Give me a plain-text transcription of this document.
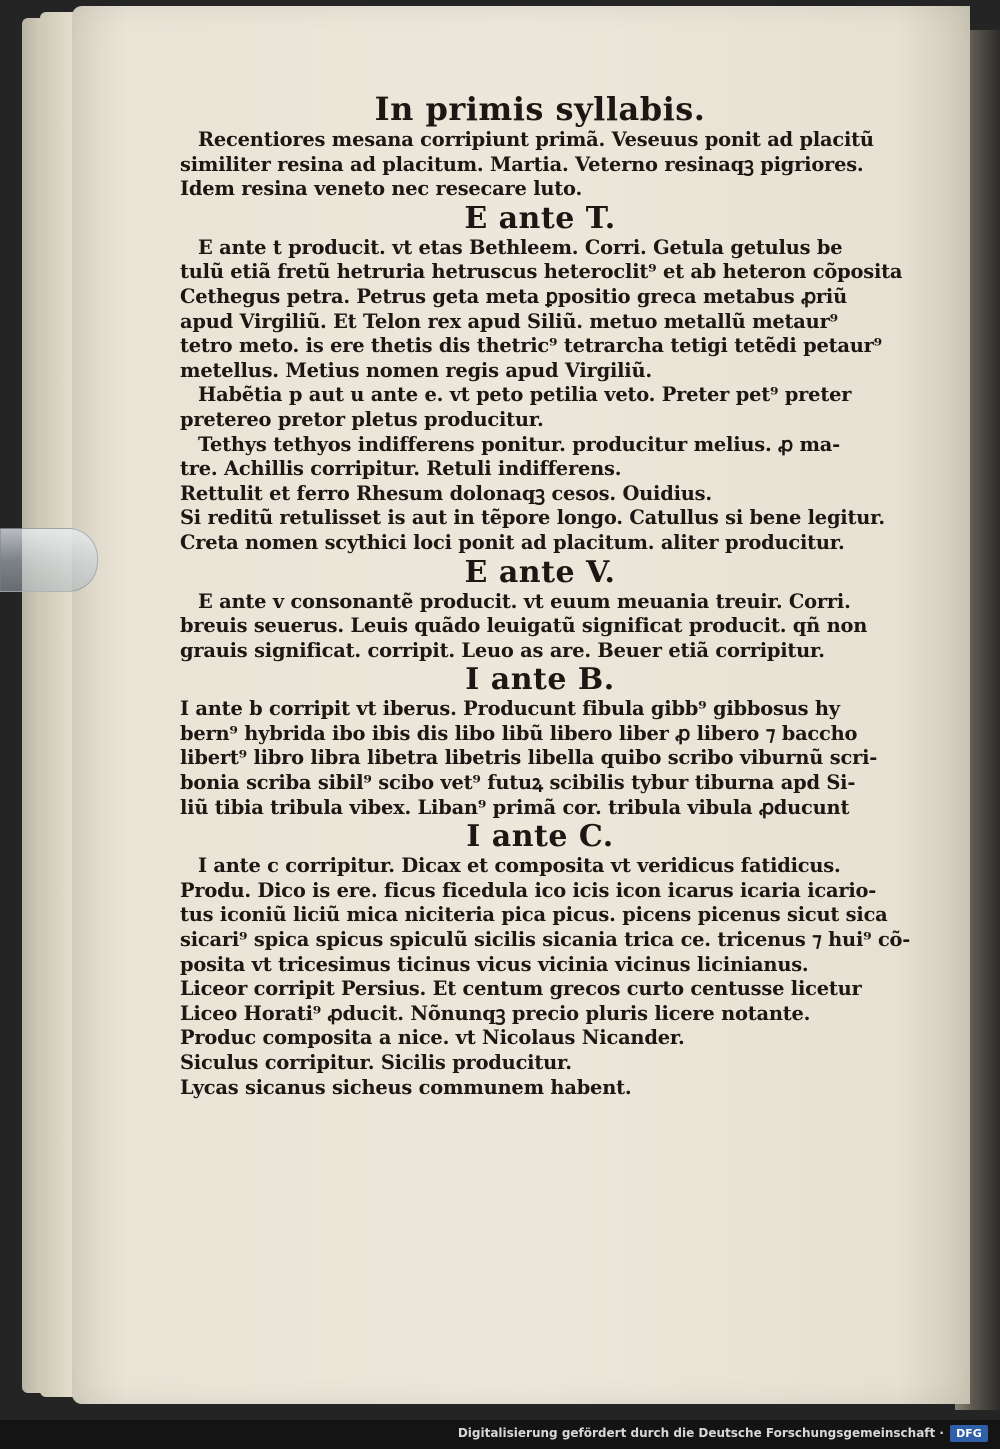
In primis syllabis.

Recentiores mesana corripiunt primã. Veseuus ponit ad placitũ

similiter resina ad placitum. Martia. Veterno resinaqꝫ pigriores.

Idem resina veneto nec resecare luto.

E ante T.

E ante t producit. vt etas Bethleem. Corri. Getula getulus be

tulũ etiã fretũ hetruria hetruscus heteroclit⁹ et ab heteron cõposita

Cethegus petra. Petrus geta meta ꝑpositio greca metabus ꝓriũ

apud Virgiliũ. Et Telon rex apud Siliũ. metuo metallũ metaur⁹

tetro meto. is ere thetis dis thetric⁹ tetrarcha tetigi tetẽdi petaur⁹

metellus. Metius nomen regis apud Virgiliũ.

Habẽtia p aut u ante e. vt peto petilia veto. Preter pet⁹ preter

pretereo pretor pletus producitur.

Tethys tethyos indifferens ponitur. producitur melius. ꝓ ma-

tre. Achillis corripitur. Retuli indifferens.

Rettulit et ferro Rhesum dolonaqꝫ cesos. Ouidius.

Si reditũ retulisset is aut in tẽpore longo. Catullus si bene legitur.

Creta nomen scythici loci ponit ad placitum. aliter producitur.

E ante V.

E ante v consonantẽ producit. vt euum meuania treuir. Corri.

breuis seuerus. Leuis quãdo leuigatũ significat producit. qñ non

grauis significat. corripit. Leuo as are. Beuer etiã corripitur.

I ante B.

I ante b corripit vt iberus. Producunt fibula gibb⁹ gibbosus hy

bern⁹ hybrida ibo ibis dis libo libũ libero liber ꝓ libero ⁊ baccho

libert⁹ libro libra libetra libetris libella quibo scribo viburnũ scri-

bonia scriba sibil⁹ scibo vet⁹ futuꝝ scibilis tybur tiburna apd Si-

liũ tibia tribula vibex. Liban⁹ primã cor. tribula vibula ꝓducunt

I ante C.

I ante c corripitur. Dicax et composita vt veridicus fatidicus.

Produ. Dico is ere. ficus ficedula ico icis icon icarus icaria icario-

tus iconiũ liciũ mica niciteria pica picus. picens picenus sicut sica

sicari⁹ spica spicus spiculũ sicilis sicania trica ce. tricenus ⁊ hui⁹ cõ-

posita vt tricesimus ticinus vicus vicinia vicinus licinianus.

Liceor corripit Persius. Et centum grecos curto centusse licetur

Liceo Horati⁹ ꝓducit. Nõnunqꝫ precio pluris licere notante.

Produc composita a nice. vt Nicolaus Nicander.

Siculus corripitur. Sicilis producitur.

Lycas sicanus sicheus communem habent.

Digitalisierung gefördert durch die Deutsche Forschungsgemeinschaft ·	DFG
